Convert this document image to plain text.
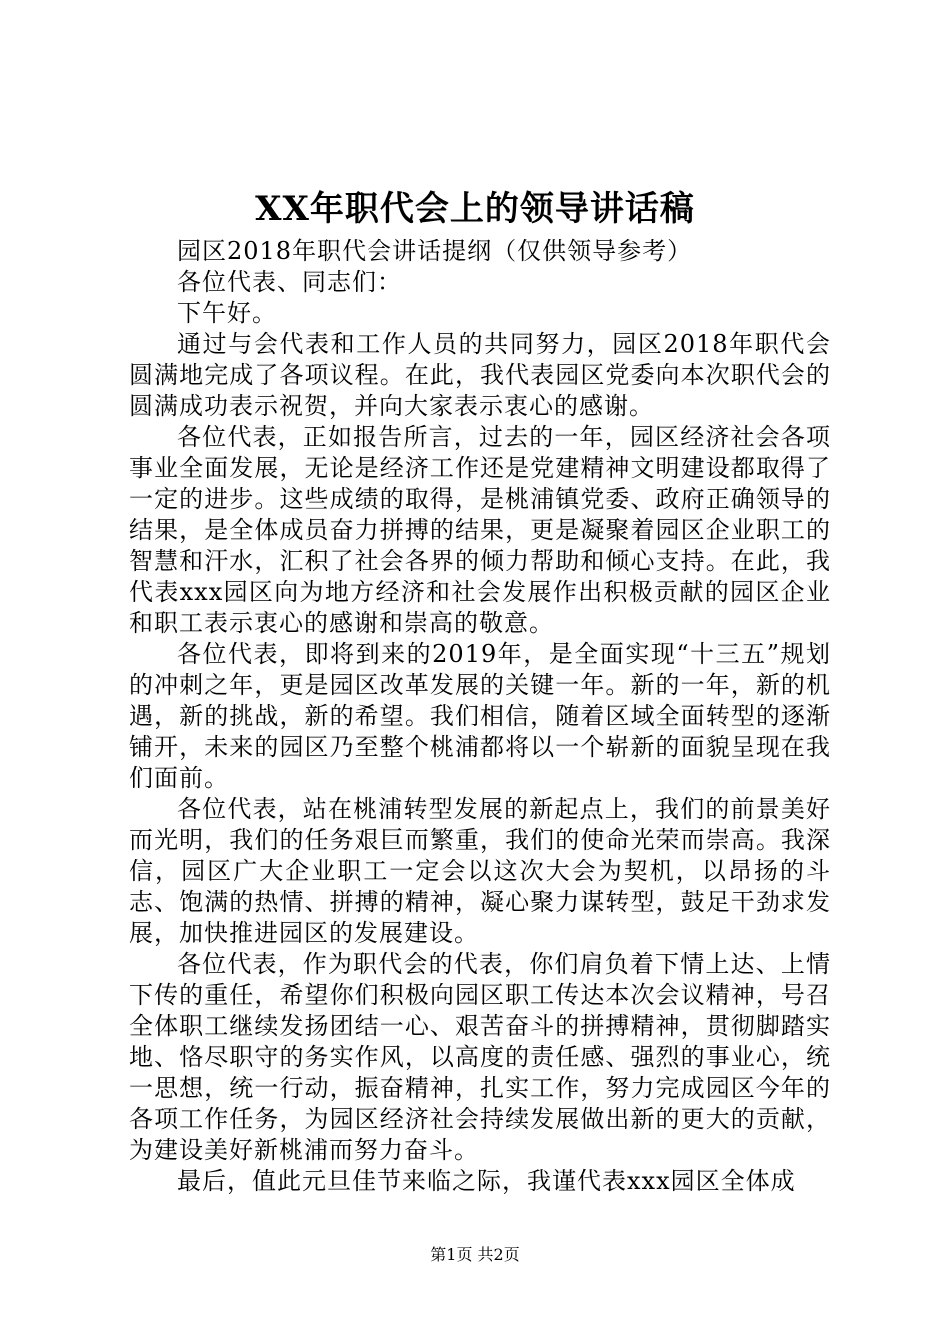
XX年职代会上的领导讲话稿

园区2018年职代会讲话提纲（仅供领导参考）

各位代表、同志们：

下午好。

通过与会代表和工作人员的共同努力，园区2018年职代会圆满地完成了各项议程。在此，我代表园区党委向本次职代会的圆满成功表示祝贺，并向大家表示衷心的感谢。

各位代表，正如报告所言，过去的一年，园区经济社会各项事业全面发展，无论是经济工作还是党建精神文明建设都取得了一定的进步。这些成绩的取得，是桃浦镇党委、政府正确领导的结果，是全体成员奋力拼搏的结果，更是凝聚着园区企业职工的智慧和汗水，汇积了社会各界的倾力帮助和倾心支持。在此，我代表xxx园区向为地方经济和社会发展作出积极贡献的园区企业和职工表示衷心的感谢和崇高的敬意。

各位代表，即将到来的2019年，是全面实现“十三五”规划的冲刺之年，更是园区改革发展的关键一年。新的一年，新的机遇，新的挑战，新的希望。我们相信，随着区域全面转型的逐渐铺开，未来的园区乃至整个桃浦都将以一个崭新的面貌呈现在我们面前。

各位代表，站在桃浦转型发展的新起点上，我们的前景美好而光明，我们的任务艰巨而繁重，我们的使命光荣而崇高。我深信，园区广大企业职工一定会以这次大会为契机，以昂扬的斗志、饱满的热情、拼搏的精神，凝心聚力谋转型，鼓足干劲求发展，加快推进园区的发展建设。

各位代表，作为职代会的代表，你们肩负着下情上达、上情下传的重任，希望你们积极向园区职工传达本次会议精神，号召全体职工继续发扬团结一心、艰苦奋斗的拼搏精神，贯彻脚踏实地、恪尽职守的务实作风，以高度的责任感、强烈的事业心，统一思想，统一行动，振奋精神，扎实工作，努力完成园区今年的各项工作任务，为园区经济社会持续发展做出新的更大的贡献，为建设美好新桃浦而努力奋斗。

最后，值此元旦佳节来临之际，我谨代表xxx园区全体成

第1页 共2页
